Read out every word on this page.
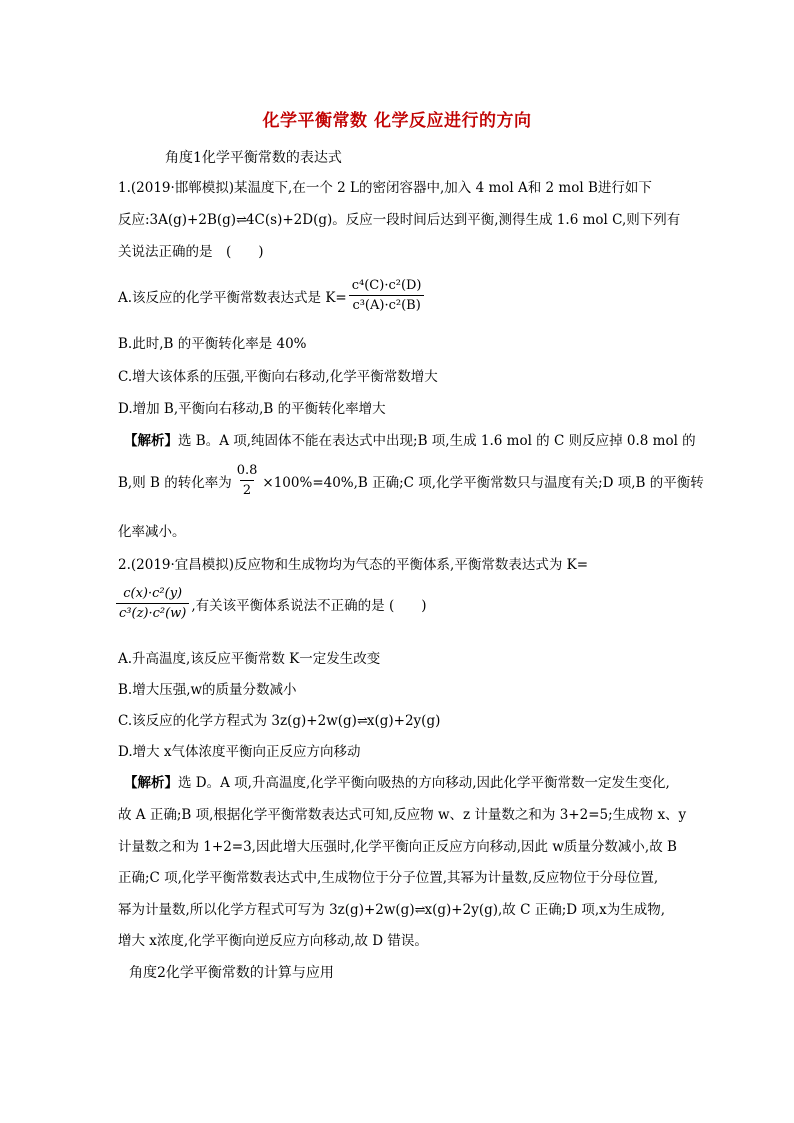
化学平衡常数 化学反应进行的方向
角度1化学平衡常数的表达式
1.(2019·邯郸模拟)某温度下,在一个 2 L的密闭容器中,加入 4 mol A和 2 mol B进行如下
反应:3A(g)+2B(g)⇌4C(s)+2D(g)。反应一段时间后达到平衡,测得生成 1.6 mol C,则下列有
关说法正确的是　(　　)
A.该反应的化学平衡常数表达式是 $K= \frac{\text{c⁴(C)·c²(D)}}{\text{c³(A)·c²(B)}}$
B.此时,B 的平衡转化率是 40%
C.增大该体系的压强,平衡向右移动,化学平衡常数增大
D.增加 B,平衡向右移动,B 的平衡转化率增大
【解析】选 B。A 项,纯固体不能在表达式中出现;B 项,生成 1.6 mol 的 C 则反应掉 0.8 mol 的
B,则 B 的转化率为 $\frac{0.8}{2} \times 100\%=40\%,B$ 正确;C 项,化学平衡常数只与温度有关;D 项,B 的平衡转
化率减小。
2.(2019·宜昌模拟)反应物和生成物均为气态的平衡体系,平衡常数表达式为 K=
$\frac{\text{c(x)·c²(y)}}{\text{c³(z)·c²(w)}}$ ,有关该平衡体系说法不正确的是 (　　)
A.升高温度,该反应平衡常数 K一定发生改变
B.增大压强,w的质量分数减小
C.该反应的化学方程式为 3z(g)+2w(g)⇌x(g)+2y(g)
D.增大 x气体浓度平衡向正反应方向移动
【解析】选 D。A 项,升高温度,化学平衡向吸热的方向移动,因此化学平衡常数一定发生变化,
故 A 正确;B 项,根据化学平衡常数表达式可知,反应物 w、z 计量数之和为 3+2=5;生成物 x、y
计量数之和为 1+2=3,因此增大压强时,化学平衡向正反应方向移动,因此 w质量分数减小,故 B
正确;C 项,化学平衡常数表达式中,生成物位于分子位置,其幂为计量数,反应物位于分母位置,
幂为计量数,所以化学方程式可写为 3z(g)+2w(g)⇌x(g)+2y(g),故 C 正确;D 项,x为生成物,
增大 x浓度,化学平衡向逆反应方向移动,故 D 错误。
角度2化学平衡常数的计算与应用
